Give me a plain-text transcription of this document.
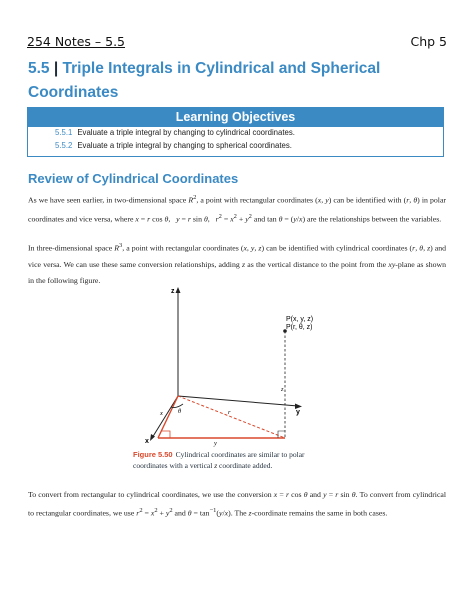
254 Notes – 5.5	Chp 5
5.5 | Triple Integrals in Cylindrical and Spherical Coordinates
Learning Objectives
5.5.1 Evaluate a triple integral by changing to cylindrical coordinates.
5.5.2 Evaluate a triple integral by changing to spherical coordinates.
Review of Cylindrical Coordinates
As we have seen earlier, in two-dimensional space $R^2$, a point with rectangular coordinates (x, y) can be identified with (r, θ) in polar coordinates and vice versa, where x = r cos θ,   y = r sin θ,   $r^2 = x^2 + y^2$ and tan θ = (y/x) are the relationships between the variables.
In three-dimensional space $R^3$, a point with rectangular coordinates (x, y, z) can be identified with cylindrical coordinates (r, θ, z) and vice versa. We can use these same conversion relationships, adding z as the vertical distance to the point from the xy-plane as shown in the following figure.
z
y
x
P(x, y, z)
P(r, θ, z)
z
θ	r
x
y
Figure 5.50 Cylindrical coordinates are similar to polar coordinates with a vertical z coordinate added.
To convert from rectangular to cylindrical coordinates, we use the conversion x = r cos θ and y = r sin θ. To convert from cylindrical to rectangular coordinates, we use $r^2 = x^2 + y^2$ and $\theta = \tan^{-1}(y/x)$. The z-coordinate remains the same in both cases.
